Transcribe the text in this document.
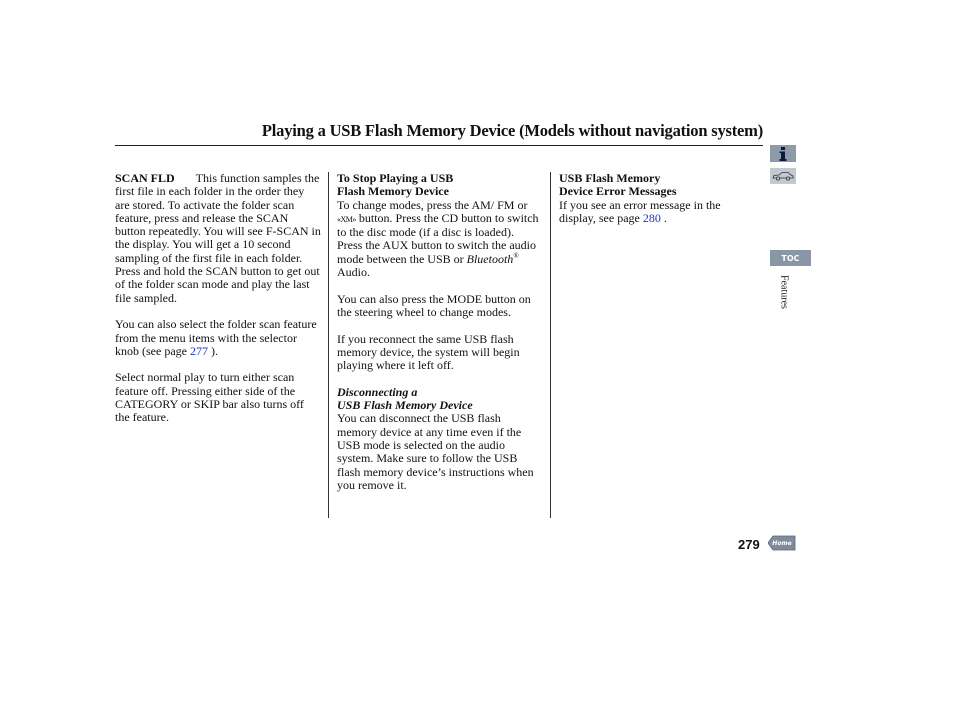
Playing a USB Flash Memory Device (Models without navigation system)

SCAN FLD This function samples the first file in each folder in the order they are stored. To activate the folder scan feature, press and release the SCAN button repeatedly. You will see F-SCAN in the display. You will get a 10 second sampling of the first file in each folder. Press and hold the SCAN button to get out of the folder scan mode and play the last file sampled.

You can also select the folder scan feature from the menu items with the selector knob (see page 277 ).

Select normal play to turn either scan feature off. Pressing either side of the CATEGORY or SKIP bar also turns off the feature.

To Stop Playing a USB
Flash Memory Device

To change modes, press the AM/ FM or «XM» button. Press the CD button to switch to the disc mode (if a disc is loaded). Press the AUX button to switch the audio mode between the USB or Bluetooth® Audio.

You can also press the MODE button on the steering wheel to change modes.

If you reconnect the same USB flash memory device, the system will begin playing where it left off.

Disconnecting a
USB Flash Memory Device

You can disconnect the USB flash memory device at any time even if the USB mode is selected on the audio system. Make sure to follow the USB flash memory device’s instructions when you remove it.

USB Flash Memory
Device Error Messages

If you see an error message in the display, see page 280 .

TOC
Features
279	Home
